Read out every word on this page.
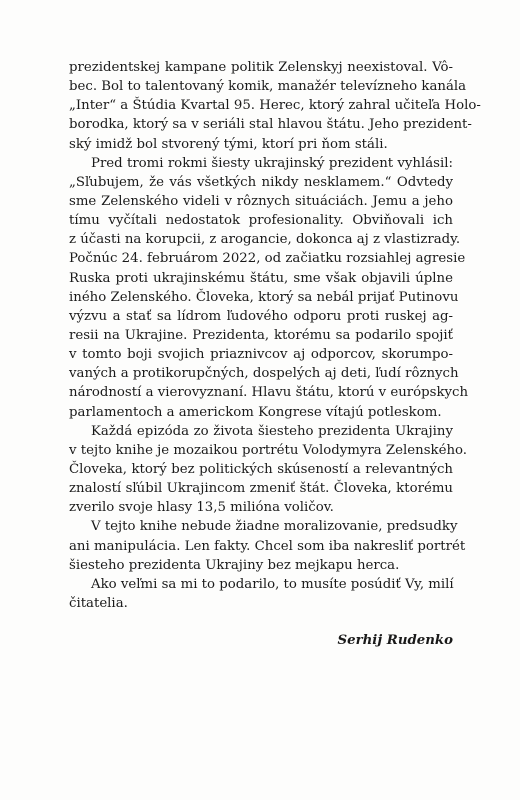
prezidentskej kampane politik Zelenskyj neexistoval. Vô-
bec. Bol to talentovaný komik, manažér televízneho kanála
„Inter“ a Štúdia Kvartal 95. Herec, ktorý zahral učiteľa Holo-
borodka, ktorý sa v seriáli stal hlavou štátu. Jeho prezident-
ský imidž bol stvorený tými, ktorí pri ňom stáli.
Pred tromi rokmi šiesty ukrajinský prezident vyhlásil:
„Sľubujem, že vás všetkých nikdy nesklamem.“ Odvtedy
sme Zelenského videli v rôznych situáciách. Jemu a jeho
tímu vyčítali nedostatok profesionality. Obviňovali ich
z účasti na korupcii, z arogancie, dokonca aj z vlastizrady.
Počnúc 24. februárom 2022, od začiatku rozsiahlej agresie
Ruska proti ukrajinskému štátu, sme však objavili úplne
iného Zelenského. Človeka, ktorý sa nebál prijať Putinovu
výzvu a stať sa lídrom ľudového odporu proti ruskej ag-
resii na Ukrajine. Prezidenta, ktorému sa podarilo spojiť
v tomto boji svojich priaznivcov aj odporcov, skorumpo-
vaných a protikorupčných, dospelých aj deti, ľudí rôznych
národností a vierovyznaní. Hlavu štátu, ktorú v európskych
parlamentoch a americkom Kongrese vítajú potleskom.
Každá epizóda zo života šiesteho prezidenta Ukrajiny
v tejto knihe je mozaikou portrétu Volodymyra Zelenského.
Človeka, ktorý bez politických skúseností a relevantných
znalostí sľúbil Ukrajincom zmeniť štát. Človeka, ktorému
zverilo svoje hlasy 13,5 milióna voličov.
V tejto knihe nebude žiadne moralizovanie, predsudky
ani manipulácia. Len fakty. Chcel som iba nakresliť portrét
šiesteho prezidenta Ukrajiny bez mejkapu herca.
Ako veľmi sa mi to podarilo, to musíte posúdiť Vy, milí
čitatelia.
Serhij Rudenko
